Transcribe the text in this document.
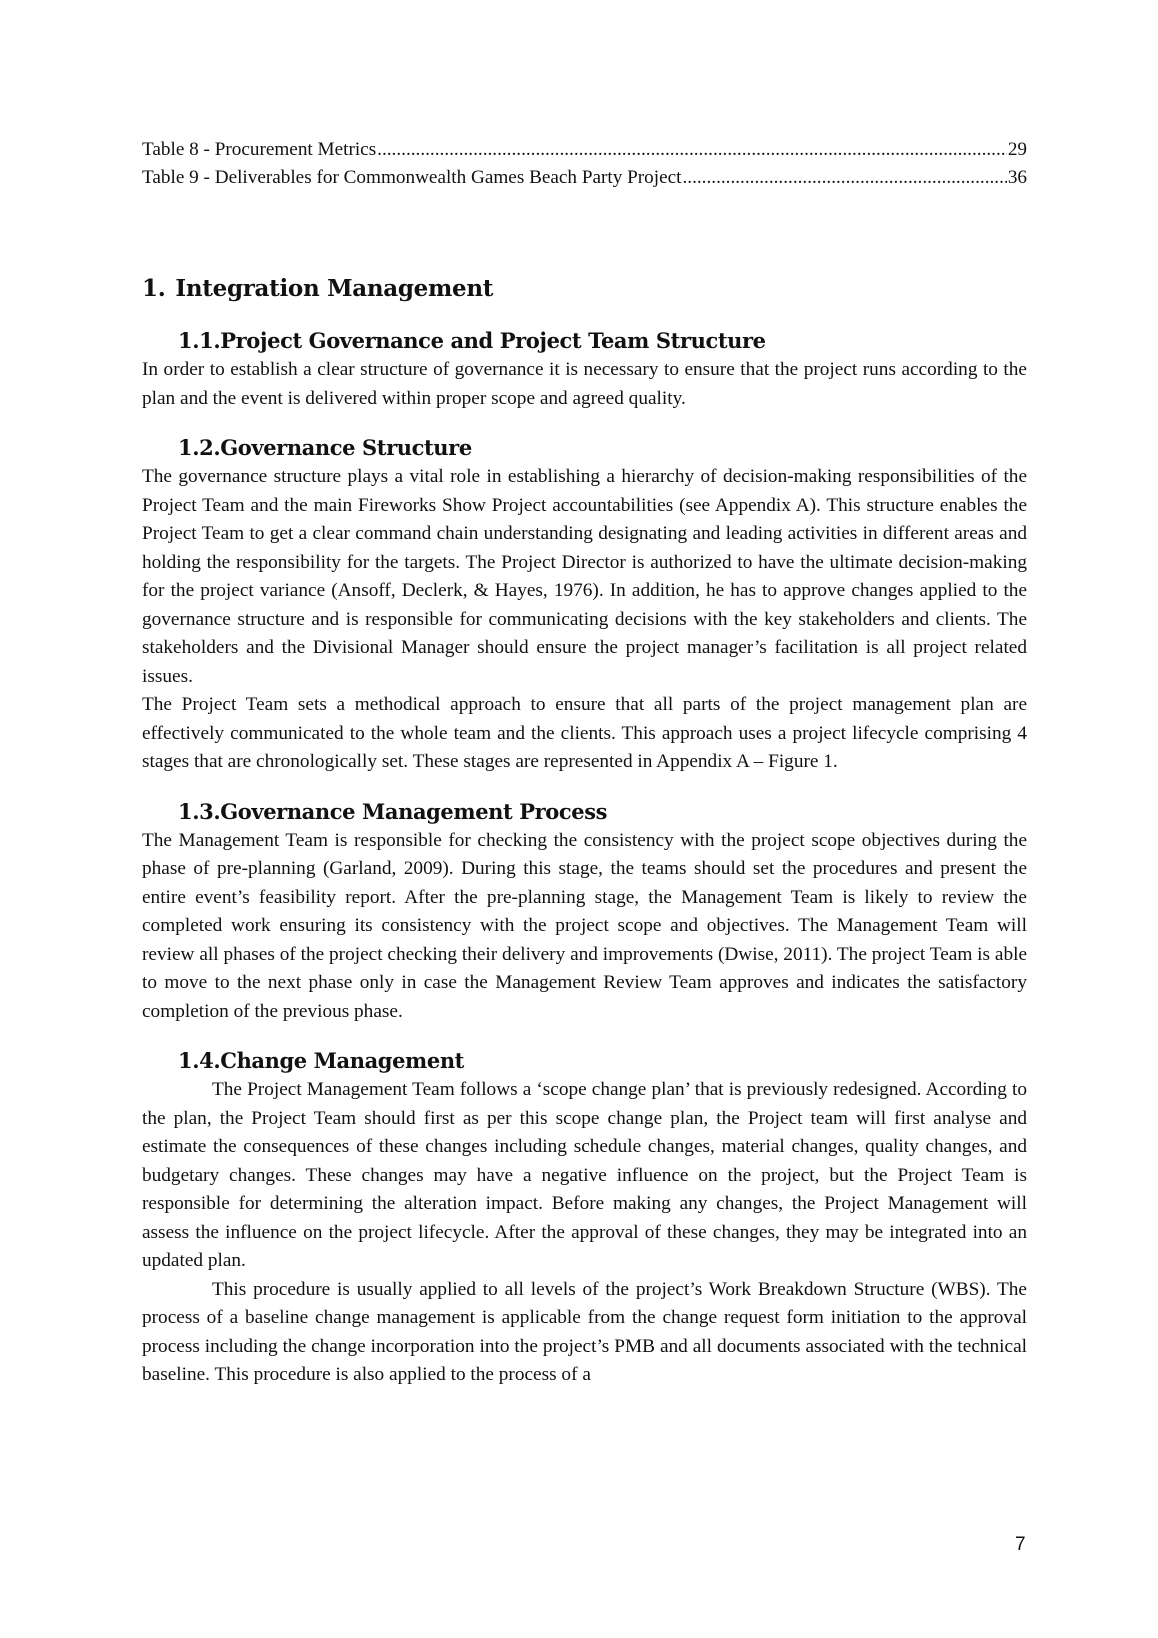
Table 8 - Procurement Metrics .....	29
Table 9 - Deliverables for Commonwealth Games Beach Party Project .....	36
1. Integration Management
1.1.Project Governance and Project Team Structure

In order to establish a clear structure of governance it is necessary to ensure that the project runs according to the plan and the event is delivered within proper scope and agreed quality.

1.2.Governance Structure

The governance structure plays a vital role in establishing a hierarchy of decision-making responsibilities of the Project Team and the main Fireworks Show Project accountabilities (see Appendix A). This structure enables the Project Team to get a clear command chain understanding designating and leading activities in different areas and holding the responsibility for the targets. The Project Director is authorized to have the ultimate decision-making for the project variance (Ansoff, Declerk, & Hayes, 1976). In addition, he has to approve changes applied to the governance structure and is responsible for communicating decisions with the key stakeholders and clients. The stakeholders and the Divisional Manager should ensure the project manager’s facilitation is all project related issues.

The Project Team sets a methodical approach to ensure that all parts of the project management plan are effectively communicated to the whole team and the clients. This approach uses a project lifecycle comprising 4 stages that are chronologically set. These stages are represented in Appendix A – Figure 1.

1.3.Governance Management Process

The Management Team is responsible for checking the consistency with the project scope objectives during the phase of pre-planning (Garland, 2009). During this stage, the teams should set the procedures and present the entire event’s feasibility report. After the pre-planning stage, the Management Team is likely to review the completed work ensuring its consistency with the project scope and objectives. The Management Team will review all phases of the project checking their delivery and improvements (Dwise, 2011). The project Team is able to move to the next phase only in case the Management Review Team approves and indicates the satisfactory completion of the previous phase.

1.4.Change Management

The Project Management Team follows a ‘scope change plan’ that is previously redesigned. According to the plan, the Project Team should first as per this scope change plan, the Project team will first analyse and estimate the consequences of these changes including schedule changes, material changes, quality changes, and budgetary changes. These changes may have a negative influence on the project, but the Project Team is responsible for determining the alteration impact. Before making any changes, the Project Management will assess the influence on the project lifecycle. After the approval of these changes, they may be integrated into an updated plan.

This procedure is usually applied to all levels of the project’s Work Breakdown Structure (WBS). The process of a baseline change management is applicable from the change request form initiation to the approval process including the change incorporation into the project’s PMB and all documents associated with the technical baseline. This procedure is also applied to the process of a

7
